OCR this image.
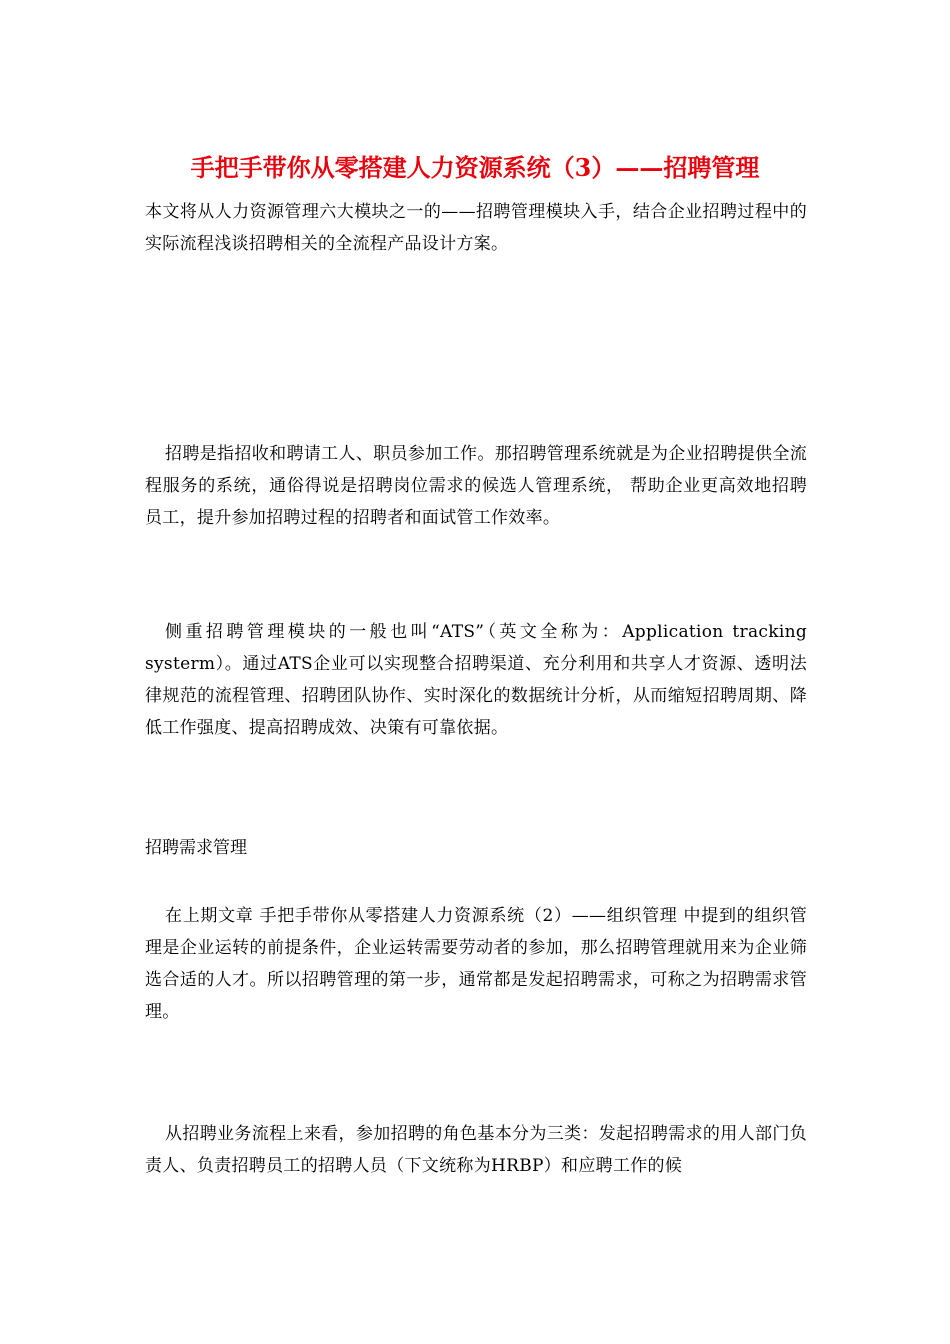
手把手带你从零搭建人力资源系统（3）——招聘管理

本文将从人力资源管理六大模块之一的——招聘管理模块入手，结合企业招聘过程中的实际流程浅谈招聘相关的全流程产品设计方案。

招聘是指招收和聘请工人、职员参加工作。那招聘管理系统就是为企业招聘提供全流程服务的系统，通俗得说是招聘岗位需求的候选人管理系统， 帮助企业更高效地招聘员工，提升参加招聘过程的招聘者和面试管工作效率。

侧重招聘管理模块的一般也叫“ATS”（英文全称为：Application tracking systerm）。通过ATS企业可以实现整合招聘渠道、充分利用和共享人才资源、透明法律规范的流程管理、招聘团队协作、实时深化的数据统计分析，从而缩短招聘周期、降低工作强度、提高招聘成效、决策有可靠依据。

招聘需求管理

在上期文章 手把手带你从零搭建人力资源系统（2）——组织管理 中提到的组织管理是企业运转的前提条件，企业运转需要劳动者的参加，那么招聘管理就用来为企业筛选合适的人才。所以招聘管理的第一步，通常都是发起招聘需求，可称之为招聘需求管理。

从招聘业务流程上来看，参加招聘的角色基本分为三类：发起招聘需求的用人部门负责人、负责招聘员工的招聘人员（下文统称为HRBP）和应聘工作的候
